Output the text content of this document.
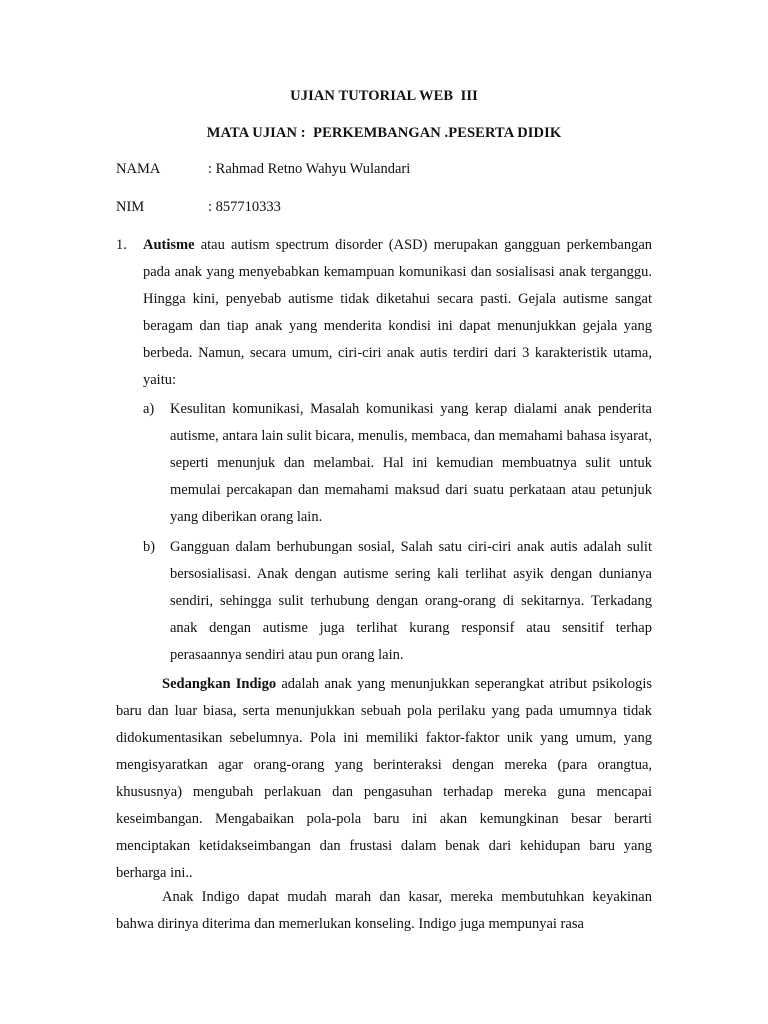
UJIAN TUTORIAL WEB  III
MATA UJIAN :  PERKEMBANGAN .PESERTA DIDIK

NAMA

	: Rahmad Retno Wahyu Wulandari

NIM

	: 857710333

1. Autisme atau autism spectrum disorder (ASD) merupakan gangguan perkembangan pada anak yang menyebabkan kemampuan komunikasi dan sosialisasi anak terganggu. Hingga kini, penyebab autisme tidak diketahui secara pasti. Gejala autisme sangat beragam dan tiap anak yang menderita kondisi ini dapat menunjukkan gejala yang berbeda. Namun, secara umum, ciri-ciri anak autis terdiri dari 3 karakteristik utama, yaitu:

a) Kesulitan komunikasi, Masalah komunikasi yang kerap dialami anak penderita autisme, antara lain sulit bicara, menulis, membaca, dan memahami bahasa isyarat, seperti menunjuk dan melambai. Hal ini kemudian membuatnya sulit untuk memulai percakapan dan memahami maksud dari suatu perkataan atau petunjuk yang diberikan orang lain.

b) Gangguan dalam berhubungan sosial, Salah satu ciri-ciri anak autis adalah sulit bersosialisasi. Anak dengan autisme sering kali terlihat asyik dengan dunianya sendiri, sehingga sulit terhubung dengan orang-orang di sekitarnya. Terkadang anak dengan autisme juga terlihat kurang responsif atau sensitif terhap perasaannya sendiri atau pun orang lain.

Sedangkan Indigo adalah anak yang menunjukkan seperangkat atribut psikologis baru dan luar biasa, serta menunjukkan sebuah pola perilaku yang pada umumnya tidak didokumentasikan sebelumnya. Pola ini memiliki faktor-faktor unik yang umum, yang mengisyaratkan agar orang-orang yang berinteraksi dengan mereka (para orangtua, khususnya) mengubah perlakuan dan pengasuhan terhadap mereka guna mencapai keseimbangan. Mengabaikan pola-pola baru ini akan kemungkinan besar berarti menciptakan ketidakseimbangan dan frustasi dalam benak dari kehidupan baru yang berharga ini..

Anak Indigo dapat mudah marah dan kasar, mereka membutuhkan keyakinan bahwa dirinya diterima dan memerlukan konseling. Indigo juga mempunyai rasa
